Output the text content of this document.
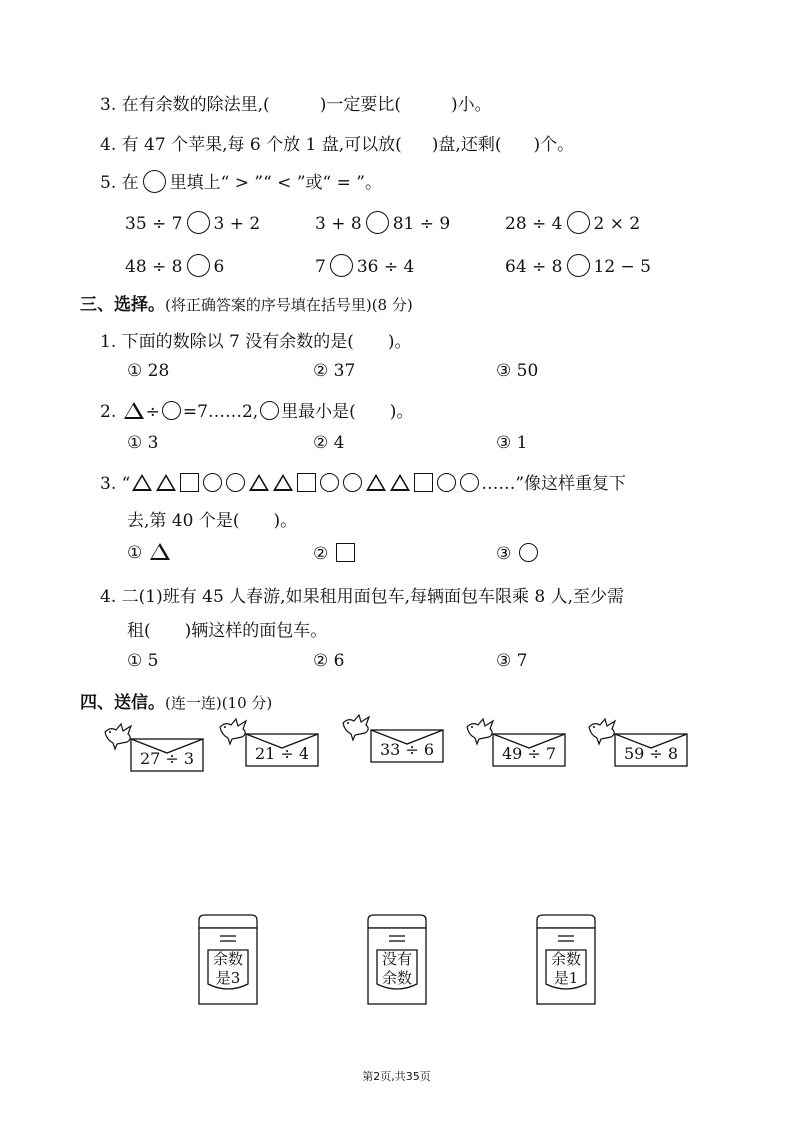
3. 在有余数的除法里,(	)一定要比(	)小。
4. 有 47 个苹果,每 6 个放 1 盘,可以放( )盘,还剩( )个。
5. 在 里填上“ > ”“ < ”或“ = ”。
35 ÷ 7 3 + 2	3 + 8 81 ÷ 9	28 ÷ 4 2 × 2
48 ÷ 8 6	7 36 ÷ 4	64 ÷ 8 12 − 5
三、选择。(将正确答案的序号填在括号里)(8 分)
1. 下面的数除以 7 没有余数的是(　　)。
① 28	② 37	③ 50
2. ÷ =7……2, 里最小是(　　)。
① 3	② 4	③ 1
3. “	……”像这样重复下
去,第 40 个是(　　)。
①	②	③
4. 二(1)班有 45 人春游,如果租用面包车,每辆面包车限乘 8 人,至少需
租(　　)辆这样的面包车。
① 5	② 6	③ 7
四、送信。(连一连)(10 分)
27 ÷ 3	21 ÷ 4	33 ÷ 6	49 ÷ 7	59 ÷ 8
余数是3
没有余数
余数是1
第2页,共35页
